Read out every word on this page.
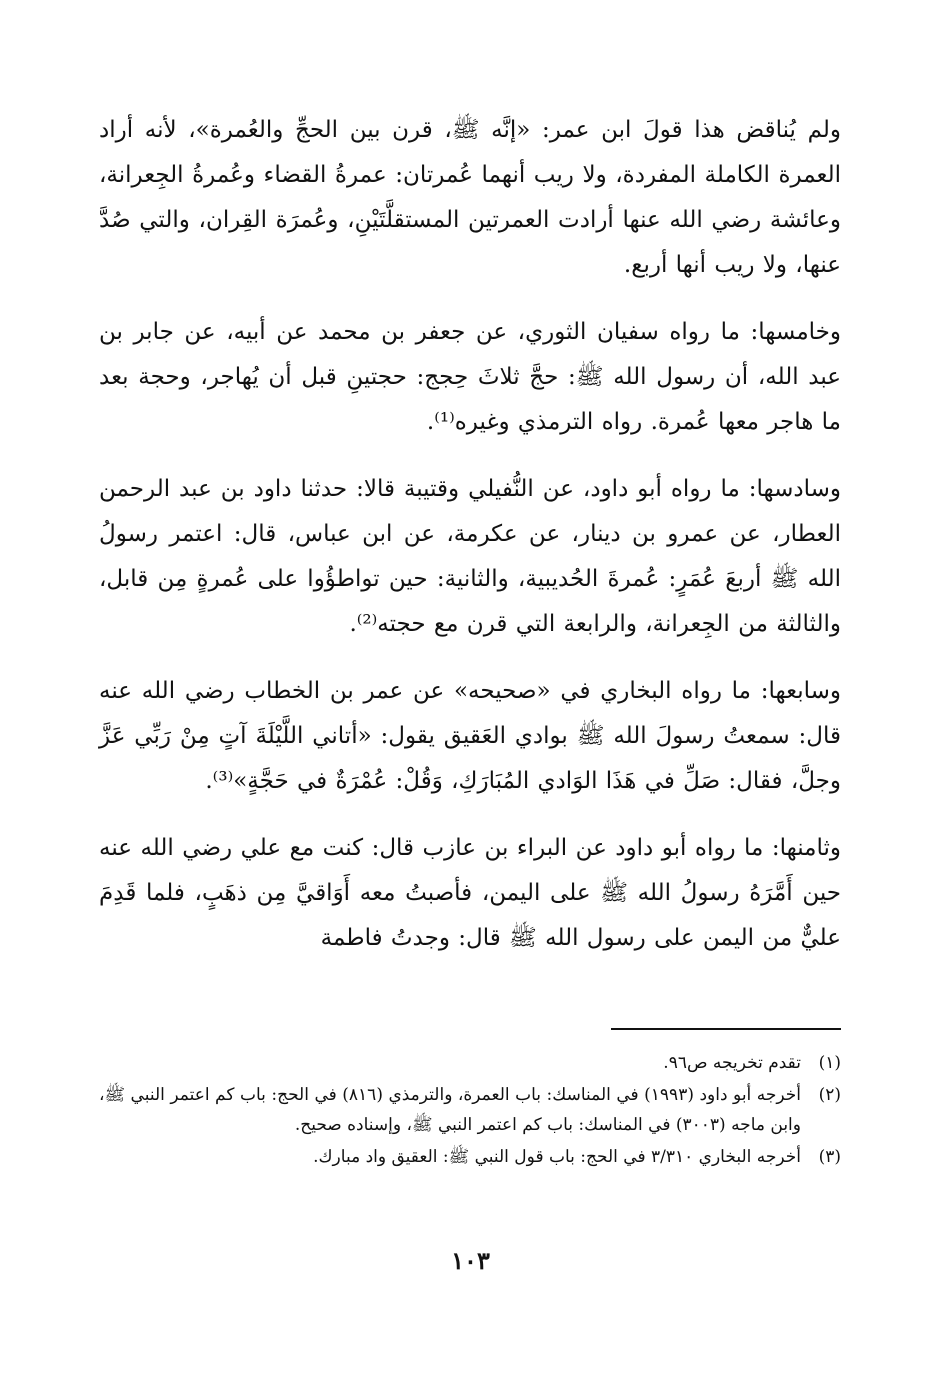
ولم يُناقض هذا قولَ ابن عمر: «إنَّه ﷺ، قرن بين الحجِّ والعُمرة»، لأنه أراد العمرة الكاملة المفردة، ولا ريب أنهما عُمرتان: عمرةُ القضاء وعُمرةُ الجِعرانة، وعائشة رضي الله عنها أرادت العمرتين المستقلَّتَيْنِ، وعُمرَة القِران، والتي صُدَّ عنها، ولا ريب أنها أربع.

وخامسها: ما رواه سفيان الثوري، عن جعفر بن محمد عن أبيه، عن جابر بن عبد الله، أن رسول الله ﷺ: حجَّ ثلاثَ حِجج: حجتينِ قبل أن يُهاجر، وحجة بعد ما هاجر معها عُمرة. رواه الترمذي وغيره⁽¹⁾.

وسادسها: ما رواه أبو داود، عن النُّفيلي وقتيبة قالا: حدثنا داود بن عبد الرحمن العطار، عن عمرو بن دينار، عن عكرمة، عن ابن عباس، قال: اعتمر رسولُ الله ﷺ أربعَ عُمَرٍ: عُمرةَ الحُديبية، والثانية: حين تواطؤُوا على عُمرةٍ مِن قابل، والثالثة من الجِعرانة، والرابعة التي قرن مع حجته⁽²⁾.

وسابعها: ما رواه البخاري في «صحيحه» عن عمر بن الخطاب رضي الله عنه قال: سمعتُ رسولَ الله ﷺ بوادي العَقيق يقول: «أتاني اللَّيْلَةَ آتٍ مِنْ رَبِّي عَزَّ وجلَّ، فقال: صَلِّ في هَذَا الوَادي المُبَارَكِ، وَقُلْ: عُمْرَةٌ في حَجَّةٍ»⁽³⁾.

وثامنها: ما رواه أبو داود عن البراء بن عازب قال: كنت مع علي رضي الله عنه حين أَمَّرَهُ رسولُ الله ﷺ على اليمن، فأصبتُ معه أَوَاقيَّ مِن ذهَبٍ، فلما قَدِمَ عليٌّ من اليمن على رسول الله ﷺ قال: وجدتُ فاطمة

(١)
تقدم تخريجه ص٩٦.
(٢)
أخرجه أبو داود (١٩٩٣) في المناسك: باب العمرة، والترمذي (٨١٦) في الحج: باب كم اعتمر النبي ﷺ، وابن ماجه (٣٠٠٣) في المناسك: باب كم اعتمر النبي ﷺ، وإسناده صحيح.
(٣)
أخرجه البخاري ٣/٣١٠ في الحج: باب قول النبي ﷺ: العقيق واد مبارك.
١٠٣
